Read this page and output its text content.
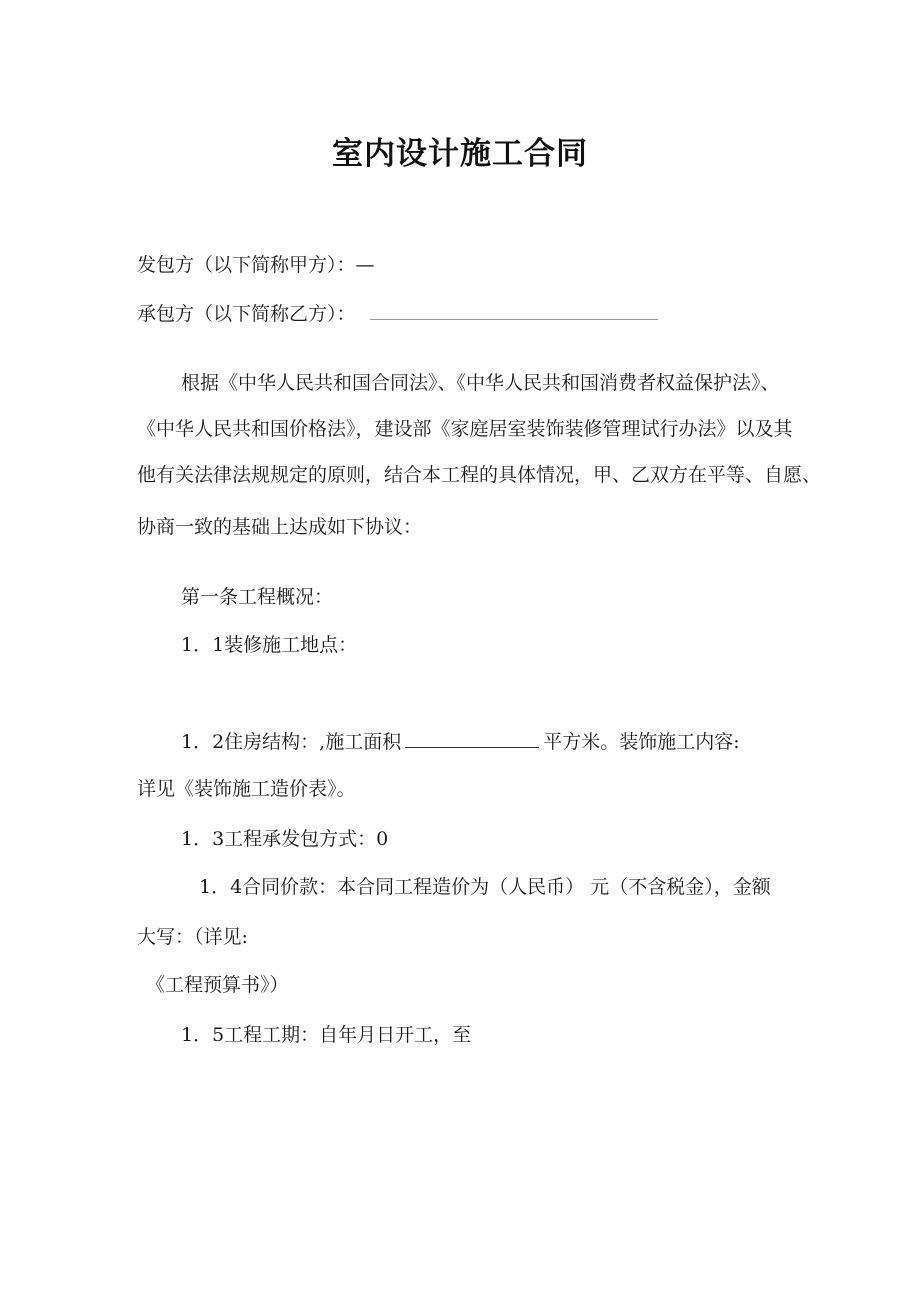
室内设计施工合同
发包方（以下简称甲方）：—
承包方（以下简称乙方）：
根据《中华人民共和国合同法》、《中华人民共和国消费者权益保护法》、
《中华人民共和国价格法》，建设部《家庭居室装饰装修管理试行办法》以及其
他有关法律法规规定的原则，结合本工程的具体情况，甲、乙双方在平等、自愿、
协商一致的基础上达成如下协议：
第一条工程概况：
1．1装修施工地点：
1．2住房结构：,施工面积	平方米。装饰施工内容:
详见《装饰施工造价表》。
1．3工程承发包方式：0
1．4合同价款：本合同工程造价为（人民币） 元（不含税金），金额
大写：（详见:
《工程预算书》）
1．5工程工期：自年月日开工，至
